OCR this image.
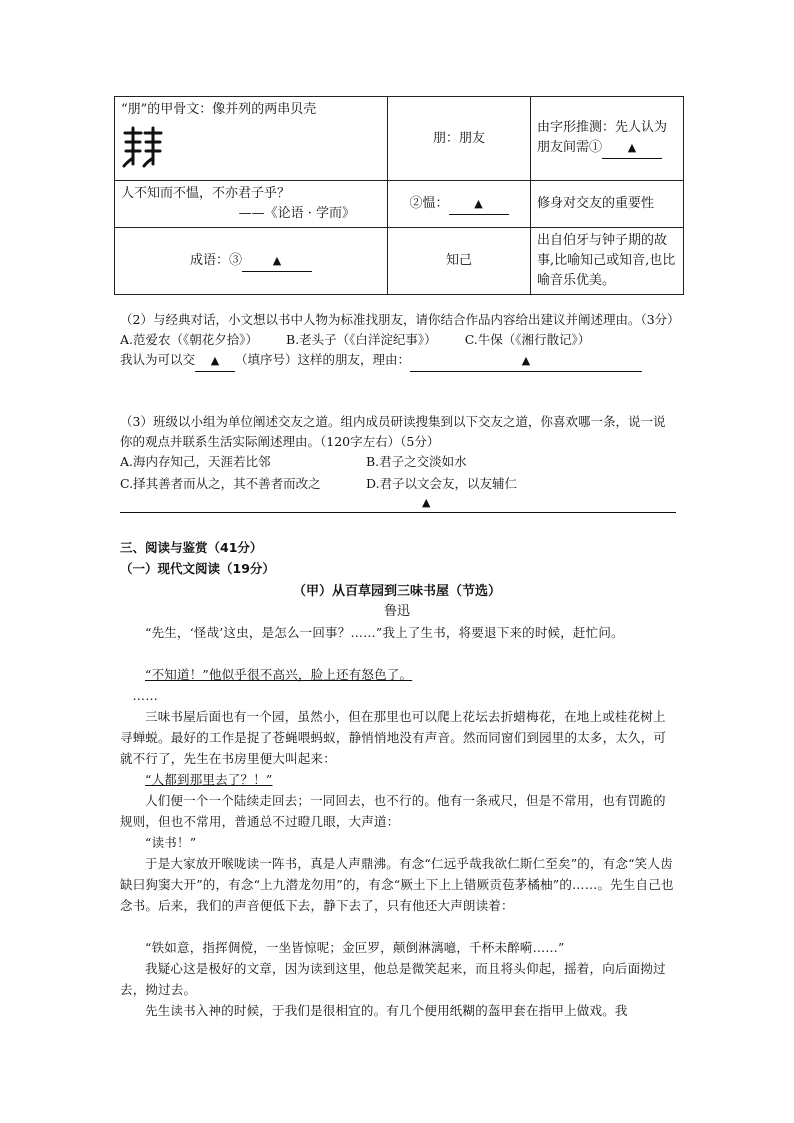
“朋”的甲骨文：像并列的两串贝壳	朋：朋友	由字形推测：先人认为朋友间需① ▲

人不知而不愠，不亦君子乎？
——《论语 · 学而》	②愠： ▲	修身对交友的重要性
成语：③ ▲	知己	出自伯牙与钟子期的故事,比喻知己或知音,也比喻音乐优美。
（2）与经典对话，小文想以书中人物为标准找朋友，请你结合作品内容给出建议并阐述理由。（3分）
A.范爱农（《朝花夕拾》） B.老头子（《白洋淀纪事》） C.牛保（《湘行散记》）
我认为可以交 ▲ （填序号）这样的朋友，理由：	▲
（3）班级以小组为单位阐述交友之道。组内成员研读搜集到以下交友之道，你喜欢哪一条，说一说你的观点并联系生活实际阐述理由。（120字左右）（5分）
A.海内存知己，天涯若比邻	B.君子之交淡如水
C.择其善者而从之，其不善者而改之	D.君子以文会友，以友辅仁
▲
三、阅读与鉴赏（41分）
（一）现代文阅读（19分）
（甲）从百草园到三味书屋（节选）
鲁迅
“先生，‘怪哉’这虫，是怎么一回事？……”我上了生书，将要退下来的时候，赶忙问。
“不知道！”他似乎很不高兴，脸上还有怒色了。
……
三味书屋后面也有一个园，虽然小，但在那里也可以爬上花坛去折蜡梅花，在地上或桂花树上寻蝉蜕。最好的工作是捉了苍蝇喂蚂蚁，静悄悄地没有声音。然而同窗们到园里的太多，太久，可就不行了，先生在书房里便大叫起来：
“人都到那里去了？！”
人们便一个一个陆续走回去；一同回去，也不行的。他有一条戒尺，但是不常用，也有罚跪的规则，但也不常用，普通总不过瞪几眼，大声道：
“读书！”
于是大家放开喉咙读一阵书，真是人声鼎沸。有念“仁远乎哉我欲仁斯仁至矣”的，有念“笑人齿缺曰狗窦大开”的，有念“上九潜龙勿用”的，有念“厥土下上上错厥贡苞茅橘柚”的……。先生自己也念书。后来，我们的声音便低下去，静下去了，只有他还大声朗读着：
“铁如意，指挥倜傥，一坐皆惊呢；金叵罗，颠倒淋漓噫，千杯未醉嗬……”
我疑心这是极好的文章，因为读到这里，他总是微笑起来，而且将头仰起，摇着，向后面拗过去，拗过去。
先生读书入神的时候，于我们是很相宜的。有几个便用纸糊的盔甲套在指甲上做戏。我
